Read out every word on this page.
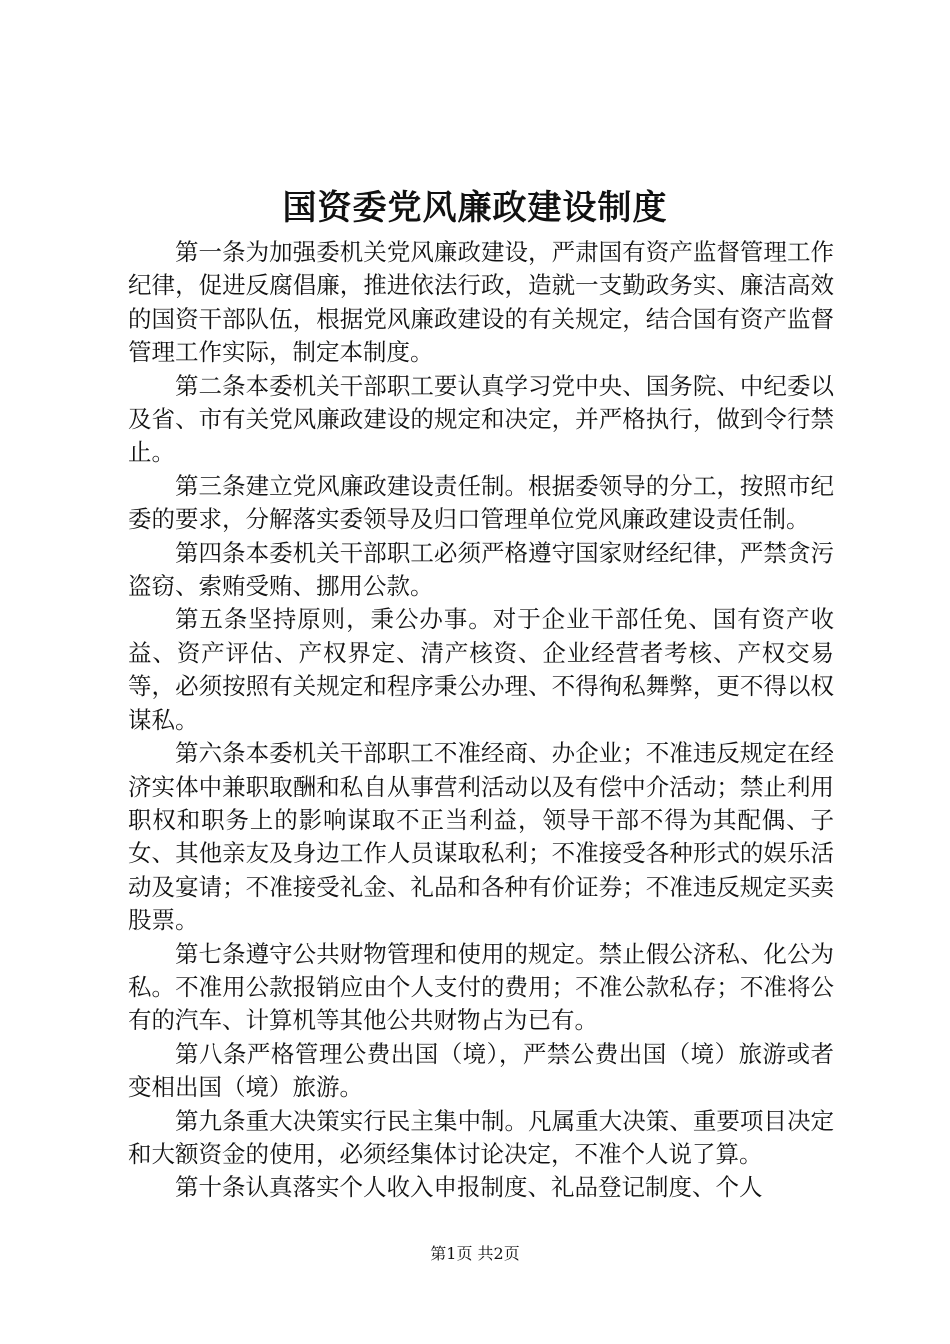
国资委党风廉政建设制度

第一条为加强委机关党风廉政建设，严肃国有资产监督管理工作纪律，促进反腐倡廉，推进依法行政，造就一支勤政务实、廉洁高效的国资干部队伍，根据党风廉政建设的有关规定，结合国有资产监督管理工作实际，制定本制度。

第二条本委机关干部职工要认真学习党中央、国务院、中纪委以及省、市有关党风廉政建设的规定和决定，并严格执行，做到令行禁止。

第三条建立党风廉政建设责任制。根据委领导的分工，按照市纪委的要求，分解落实委领导及归口管理单位党风廉政建设责任制。

第四条本委机关干部职工必须严格遵守国家财经纪律，严禁贪污盗窃、索贿受贿、挪用公款。

第五条坚持原则，秉公办事。对于企业干部任免、国有资产收益、资产评估、产权界定、清产核资、企业经营者考核、产权交易等，必须按照有关规定和程序秉公办理、不得徇私舞弊，更不得以权谋私。

第六条本委机关干部职工不准经商、办企业；不准违反规定在经济实体中兼职取酬和私自从事营利活动以及有偿中介活动；禁止利用职权和职务上的影响谋取不正当利益，领导干部不得为其配偶、子女、其他亲友及身边工作人员谋取私利；不准接受各种形式的娱乐活动及宴请；不准接受礼金、礼品和各种有价证券；不准违反规定买卖股票。

第七条遵守公共财物管理和使用的规定。禁止假公济私、化公为私。不准用公款报销应由个人支付的费用；不准公款私存；不准将公有的汽车、计算机等其他公共财物占为已有。

第八条严格管理公费出国（境），严禁公费出国（境）旅游或者变相出国（境）旅游。

第九条重大决策实行民主集中制。凡属重大决策、重要项目决定和大额资金的使用，必须经集体讨论决定，不准个人说了算。

第十条认真落实个人收入申报制度、礼品登记制度、个人

第1页 共2页
